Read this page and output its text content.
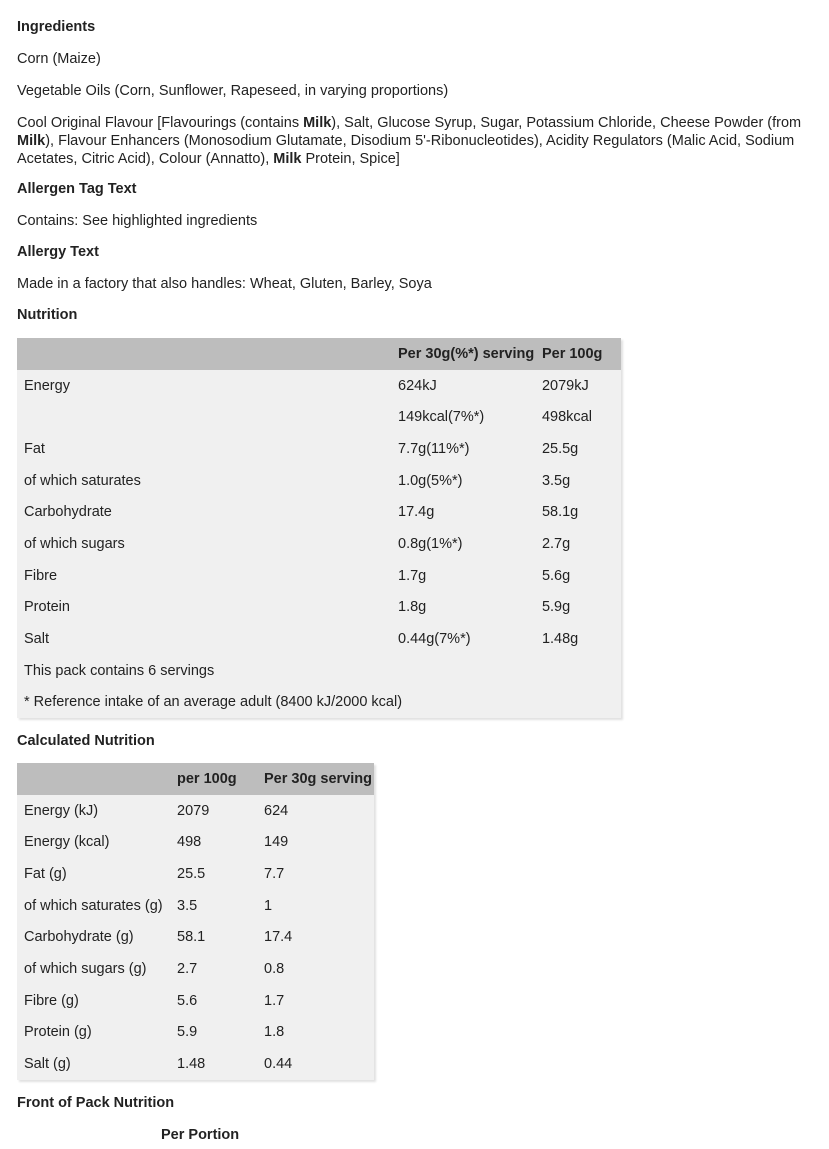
Ingredients
Corn (Maize)
Vegetable Oils (Corn, Sunflower, Rapeseed, in varying proportions)
Cool Original Flavour [Flavourings (contains Milk), Salt, Glucose Syrup, Sugar, Potassium Chloride, Cheese Powder (from Milk), Flavour Enhancers (Monosodium Glutamate, Disodium 5'-Ribonucleotides), Acidity Regulators (Malic Acid, Sodium Acetates, Citric Acid), Colour (Annatto), Milk Protein, Spice]
Allergen Tag Text
Contains: See highlighted ingredients
Allergy Text
Made in a factory that also handles: Wheat, Gluten, Barley, Soya
Nutrition
	Per 30g(%*) serving	Per 100g
Energy	624kJ	2079kJ
	149kcal(7%*)	498kcal
Fat	7.7g(11%*)	25.5g
of which saturates	1.0g(5%*)	3.5g
Carbohydrate	17.4g	58.1g
of which sugars	0.8g(1%*)	2.7g
Fibre	1.7g	5.6g
Protein	1.8g	5.9g
Salt	0.44g(7%*)	1.48g
This pack contains 6 servings		
* Reference intake of an average adult (8400 kJ/2000 kcal)		
Calculated Nutrition
	per 100g	Per 30g serving
Energy (kJ)	2079	624
Energy (kcal)	498	149
Fat (g)	25.5	7.7
of which saturates (g)	3.5	1
Carbohydrate (g)	58.1	17.4
of which sugars (g)	2.7	0.8
Fibre (g)	5.6	1.7
Protein (g)	5.9	1.8
Salt (g)	1.48	0.44
Front of Pack Nutrition
Per Portion
